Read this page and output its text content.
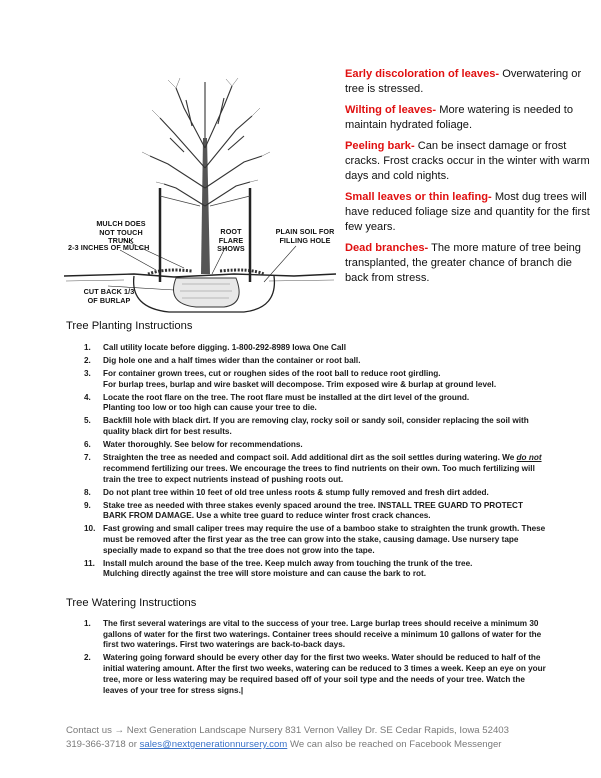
MULCH DOES NOT TOUCH TRUNK
2-3 INCHES OF MULCH
ROOT FLARE SHOWS
PLAIN SOIL FOR FILLING HOLE
CUT BACK 1/3 OF BURLAP

Early discoloration of leaves- Overwatering or tree is stressed.

Wilting of leaves- More watering is needed to maintain hydrated foliage.

Peeling bark- Can be insect damage or frost cracks. Frost cracks occur in the winter with warm days and cold nights.

Small leaves or thin leafing- Most dug trees will have reduced foliage size and quantity for the first few years.

Dead branches- The more mature of tree being transplanted, the greater chance of branch die back from stress.

Tree Planting Instructions
1. Call utility locate before digging. 1-800-292-8989 Iowa One Call
2. Dig hole one and a half times wider than the container or root ball.
3. For container grown trees, cut or roughen sides of the root ball to reduce root girdling.
For burlap trees, burlap and wire basket will decompose. Trim exposed wire & burlap at ground level.
4. Locate the root flare on the tree. The root flare must be installed at the dirt level of the ground.
Planting too low or too high can cause your tree to die.
5. Backfill hole with black dirt. If you are removing clay, rocky soil or sandy soil, consider replacing the soil with quality black dirt for best results.
6. Water thoroughly. See below for recommendations.
7. Straighten the tree as needed and compact soil. Add additional dirt as the soil settles during watering. We do not recommend fertilizing our trees. We encourage the trees to find nutrients on their own. Too much fertilizing will train the tree to expect nutrients instead of pushing roots out.
8. Do not plant tree within 10 feet of old tree unless roots & stump fully removed and fresh dirt added.
9. Stake tree as needed with three stakes evenly spaced around the tree. INSTALL TREE GUARD TO PROTECT BARK FROM DAMAGE. Use a white tree guard to reduce winter frost crack chances.
10. Fast growing and small caliper trees may require the use of a bamboo stake to straighten the trunk growth. These must be removed after the first year as the tree can grow into the stake, causing damage. Use nursery tape specially made to expand so that the tree does not grow into the tape.
11. Install mulch around the base of the tree. Keep mulch away from touching the trunk of the tree.
Mulching directly against the tree will store moisture and can cause the bark to rot.
Tree Watering Instructions
1. The first several waterings are vital to the success of your tree. Large burlap trees should receive a minimum 30 gallons of water for the first two waterings. Container trees should receive a minimum 10 gallons of water for the first two waterings. First two waterings are back-to-back days.
2. Watering going forward should be every other day for the first two weeks. Water should be reduced to half of the initial watering amount. After the first two weeks, watering can be reduced to 3 times a week. Keep an eye on your tree, more or less watering may be required based off of your soil type and the needs of your tree. Watch the leaves of your tree for stress signs.|
Contact us → Next Generation Landscape Nursery 831 Vernon Valley Dr. SE Cedar Rapids, Iowa 52403
319-366-3718 or sales@nextgenerationnursery.com We can also be reached on Facebook Messenger
